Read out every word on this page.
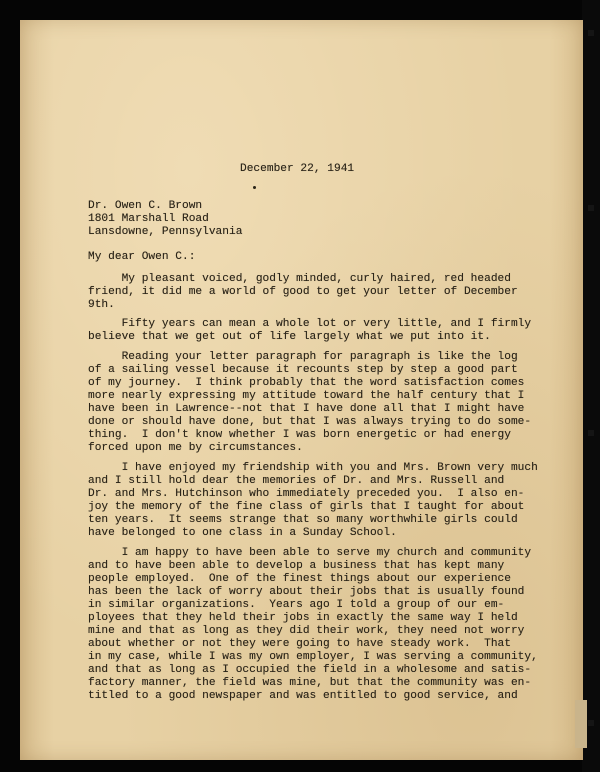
December 22, 1941

Dr. Owen C. Brown

1801 Marshall Road

Lansdowne, Pennsylvania

My dear Owen C.:

My pleasant voiced, godly minded, curly haired, red headed

friend, it did me a world of good to get your letter of December

9th.

Fifty years can mean a whole lot or very little, and I firmly

believe that we get out of life largely what we put into it.

Reading your letter paragraph for paragraph is like the log

of a sailing vessel because it recounts step by step a good part

of my journey.  I think probably that the word satisfaction comes

more nearly expressing my attitude toward the half century that I

have been in Lawrence--not that I have done all that I might have

done or should have done, but that I was always trying to do some-

thing.  I don't know whether I was born energetic or had energy

forced upon me by circumstances.

I have enjoyed my friendship with you and Mrs. Brown very much

and I still hold dear the memories of Dr. and Mrs. Russell and

Dr. and Mrs. Hutchinson who immediately preceded you.  I also en-

joy the memory of the fine class of girls that I taught for about

ten years.  It seems strange that so many worthwhile girls could

have belonged to one class in a Sunday School.

I am happy to have been able to serve my church and community

and to have been able to develop a business that has kept many

people employed.  One of the finest things about our experience

has been the lack of worry about their jobs that is usually found

in similar organizations.  Years ago I told a group of our em-

ployees that they held their jobs in exactly the same way I held

mine and that as long as they did their work, they need not worry

about whether or not they were going to have steady work.  That

in my case, while I was my own employer, I was serving a community,

and that as long as I occupied the field in a wholesome and satis-

factory manner, the field was mine, but that the community was en-

titled to a good newspaper and was entitled to good service, and
